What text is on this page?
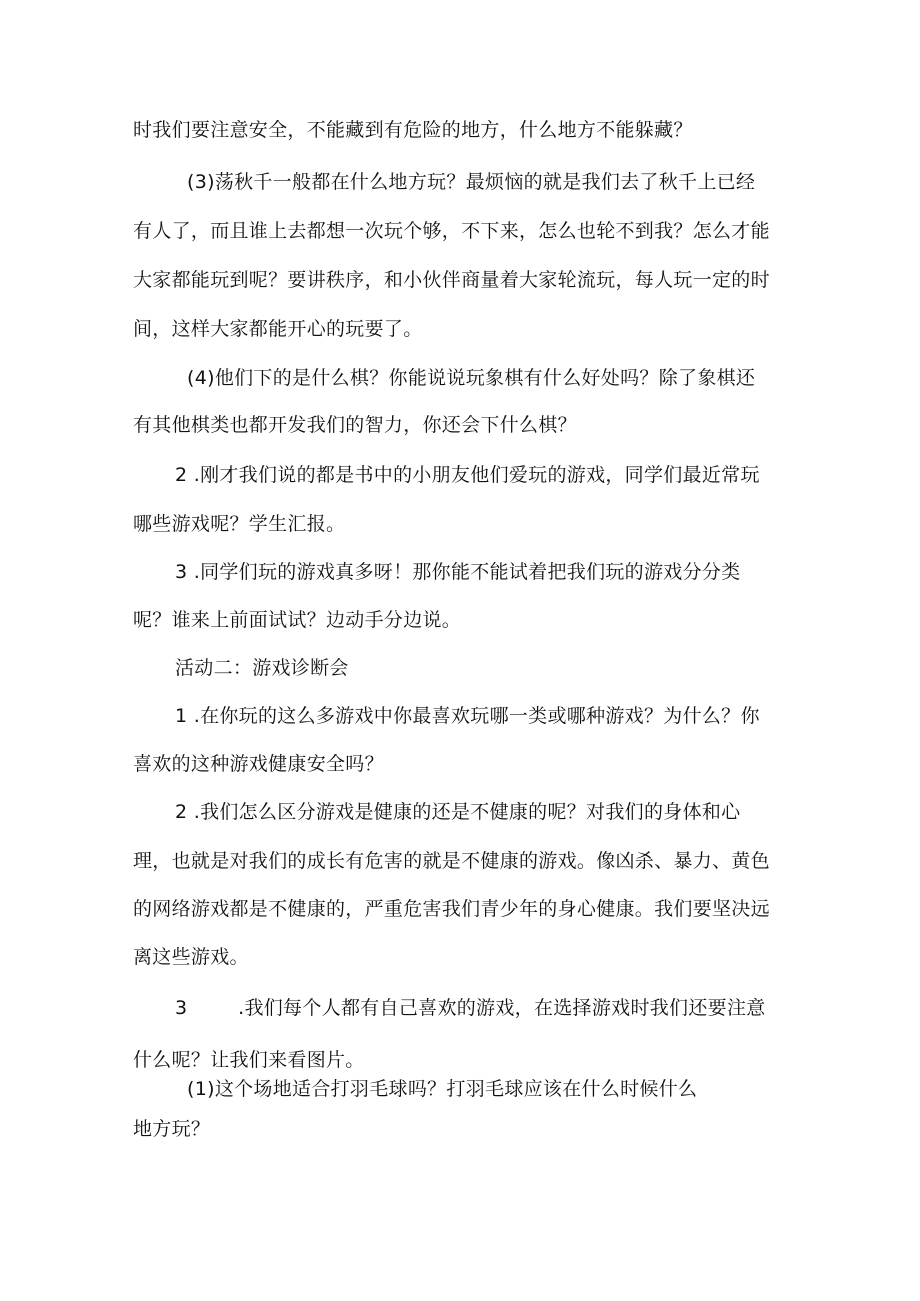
时我们要注意安全，不能藏到有危险的地方，什么地方不能躲藏？
(3)荡秋千一般都在什么地方玩？最烦恼的就是我们去了秋千上已经
有人了，而且谁上去都想一次玩个够，不下来，怎么也轮不到我？怎么才能
大家都能玩到呢？要讲秩序，和小伙伴商量着大家轮流玩，每人玩一定的时
间，这样大家都能开心的玩要了。
(4)他们下的是什么棋？你能说说玩象棋有什么好处吗？除了象棋还
有其他棋类也都开发我们的智力，你还会下什么棋？
2 .刚才我们说的都是书中的小朋友他们爱玩的游戏，同学们最近常玩
哪些游戏呢？学生汇报。
3 .同学们玩的游戏真多呀！那你能不能试着把我们玩的游戏分分类
呢？谁来上前面试试？边动手分边说。
活动二：游戏诊断会
1 .在你玩的这么多游戏中你最喜欢玩哪一类或哪种游戏？为什么？你
喜欢的这种游戏健康安全吗？
2 .我们怎么区分游戏是健康的还是不健康的呢？对我们的身体和心
理，也就是对我们的成长有危害的就是不健康的游戏。像凶杀、暴力、黄色
的网络游戏都是不健康的，严重危害我们青少年的身心健康。我们要坚决远
离这些游戏。
3        .我们每个人都有自己喜欢的游戏，在选择游戏时我们还要注意
什么呢？让我们来看图片。
(1)这个场地适合打羽毛球吗？打羽毛球应该在什么时候什么
地方玩？
